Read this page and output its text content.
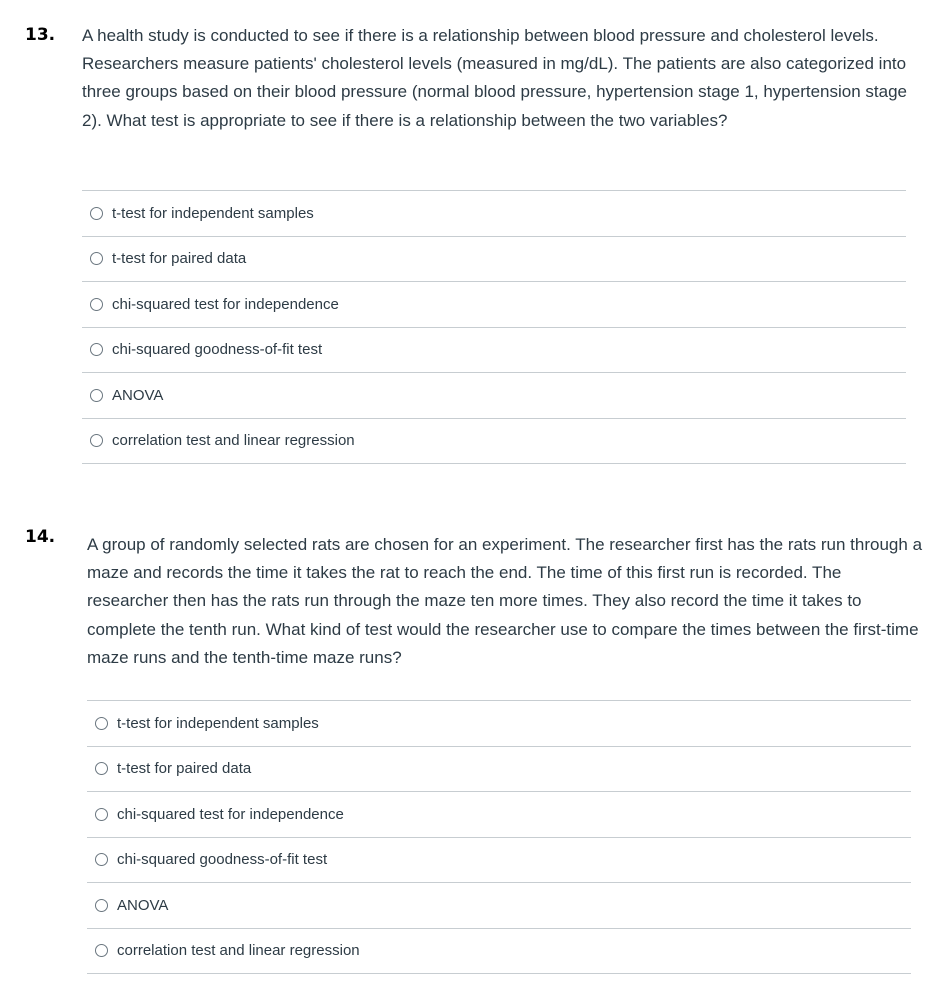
13. A health study is conducted to see if there is a relationship between blood pressure and cholesterol levels. Researchers measure patients' cholesterol levels (measured in mg/dL). The patients are also categorized into three groups based on their blood pressure (normal blood pressure, hypertension stage 1, hypertension stage 2). What test is appropriate to see if there is a relationship between the two variables?

t-test for independent samples
t-test for paired data
chi-squared test for independence
chi-squared goodness-of-fit test
ANOVA
correlation test and linear regression
14. A group of randomly selected rats are chosen for an experiment. The researcher first has the rats run through a maze and records the time it takes the rat to reach the end. The time of this first run is recorded. The researcher then has the rats run through the maze ten more times. They also record the time it takes to complete the tenth run. What kind of test would the researcher use to compare the times between the first-time maze runs and the tenth-time maze runs?

t-test for independent samples
t-test for paired data
chi-squared test for independence
chi-squared goodness-of-fit test
ANOVA
correlation test and linear regression
